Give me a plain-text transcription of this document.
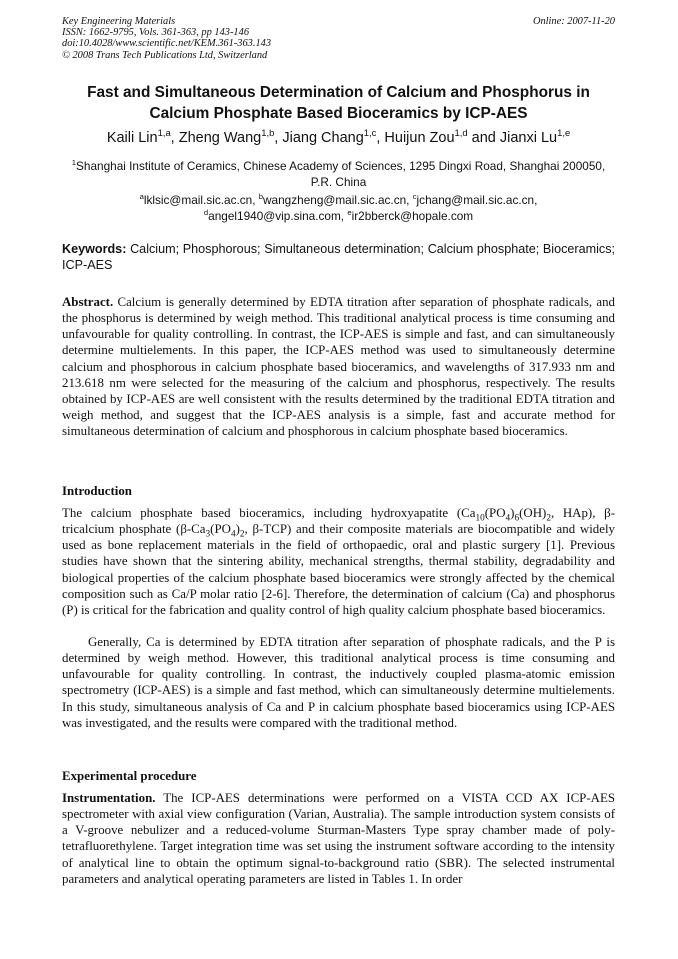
Key Engineering Materials
ISSN: 1662-9795, Vols. 361-363, pp 143-146
doi:10.4028/www.scientific.net/KEM.361-363.143
© 2008 Trans Tech Publications Ltd, Switzerland
Online: 2007-11-20
Fast and Simultaneous Determination of Calcium and Phosphorus in
Calcium Phosphate Based Bioceramics by ICP-AES
Kaili Lin$^{1,a}$, Zheng Wang$^{1,b}$, Jiang Chang$^{1,c}$, Huijun Zou$^{1,d}$ and Jianxi Lu$^{1,e}$
$^1$Shanghai Institute of Ceramics, Chinese Academy of Sciences, 1295 Dingxi Road, Shanghai 200050, P.R. China
$^a$lklsic@mail.sic.ac.cn, $^b$wangzheng@mail.sic.ac.cn, $^c$jchang@mail.sic.ac.cn,
$^d$angel1940@vip.sina.com, $^e$ir2bberck@hopale.com
Keywords: Calcium; Phosphorous; Simultaneous determination; Calcium phosphate; Bioceramics; ICP-AES
Abstract. Calcium is generally determined by EDTA titration after separation of phosphate radicals, and the phosphorus is determined by weigh method. This traditional analytical process is time consuming and unfavourable for quality controlling. In contrast, the ICP-AES is simple and fast, and can simultaneously determine multielements. In this paper, the ICP-AES method was used to simultaneously determine calcium and phosphorous in calcium phosphate based bioceramics, and wavelengths of 317.933 nm and 213.618 nm were selected for the measuring of the calcium and phosphorus, respectively. The results obtained by ICP-AES are well consistent with the results determined by the traditional EDTA titration and weigh method, and suggest that the ICP-AES analysis is a simple, fast and accurate method for simultaneous determination of calcium and phosphorous in calcium phosphate based bioceramics.
Introduction
The calcium phosphate based bioceramics, including hydroxyapatite ($Ca_{10}(PO_4)_6(OH)_2$, HAp), β-tricalcium phosphate ($\beta-Ca_3(PO_4)_2$, β-TCP) and their composite materials are biocompatible and widely used as bone replacement materials in the field of orthopaedic, oral and plastic surgery [1]. Previous studies have shown that the sintering ability, mechanical strengths, thermal stability, degradability and biological properties of the calcium phosphate based bioceramics were strongly affected by the chemical composition such as Ca/P molar ratio [2-6]. Therefore, the determination of calcium (Ca) and phosphorus (P) is critical for the fabrication and quality control of high quality calcium phosphate based bioceramics.
Generally, Ca is determined by EDTA titration after separation of phosphate radicals, and the P is determined by weigh method. However, this traditional analytical process is time consuming and unfavourable for quality controlling. In contrast, the inductively coupled plasma-atomic emission spectrometry (ICP-AES) is a simple and fast method, which can simultaneously determine multielements. In this study, simultaneous analysis of Ca and P in calcium phosphate based bioceramics using ICP-AES was investigated, and the results were compared with the traditional method.
Experimental procedure
Instrumentation. The ICP-AES determinations were performed on a VISTA CCD AX ICP-AES spectrometer with axial view configuration (Varian, Australia). The sample introduction system consists of a V-groove nebulizer and a reduced-volume Sturman-Masters Type spray chamber made of poly-tetrafluorethylene. Target integration time was set using the instrument software according to the intensity of analytical line to obtain the optimum signal-to-background ratio (SBR). The selected instrumental parameters and analytical operating parameters are listed in Tables 1. In order
